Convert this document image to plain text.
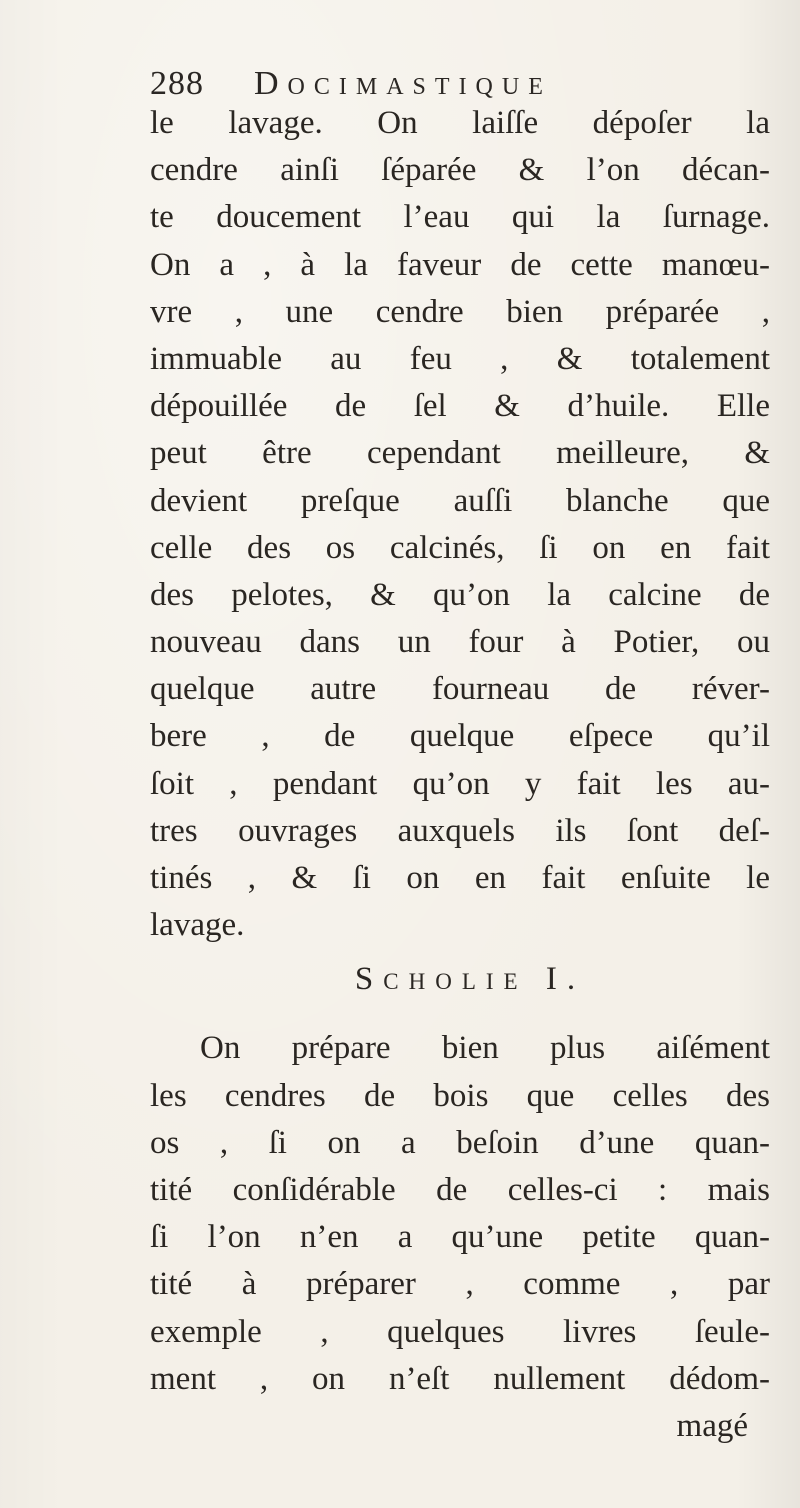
288 Docimastique
le lavage. On laiſſe dépoſer la
cendre ainſi ſéparée & l’on décan-
te doucement l’eau qui la ſurnage.
On a , à la faveur de cette manœu-
vre , une cendre bien préparée ,
immuable au feu , & totalement
dépouillée de ſel & d’huile. Elle
peut être cependant meilleure, &
devient preſque auſſi blanche que
celle des os calcinés, ſi on en fait
des pelotes, & qu’on la calcine de
nouveau dans un four à Potier, ou
quelque autre fourneau de réver-
bere , de quelque eſpece qu’il
ſoit , pendant qu’on y fait les au-
tres ouvrages auxquels ils ſont deſ-
tinés , & ſi on en fait enſuite le
lavage.
Scholie I.
On prépare bien plus aiſément
les cendres de bois que celles des
os , ſi on a beſoin d’une quan-
tité conſidérable de celles-ci : mais
ſi l’on n’en a qu’une petite quan-
tité à préparer , comme , par
exemple , quelques livres ſeule-
ment , on n’eſt nullement dédom-
magé
